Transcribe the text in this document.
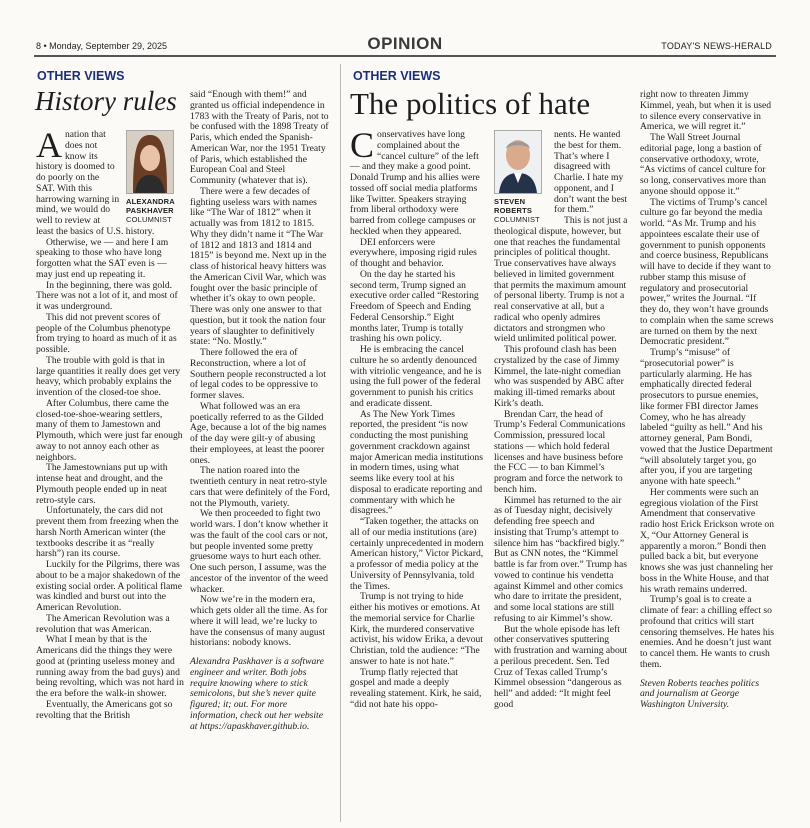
8 • Monday, September 29, 2025	OPINION	TODAY'S NEWS-HERALD
OTHER VIEWS
History rules
ALEXANDRA
PASKHAVER
COLUMNIST

Anation that does not know its history is doomed to do poorly on the SAT. With this harrowing warning in mind, we would do well to review at least the basics of U.S. history.

Otherwise, we — and here I am speaking to those who have long forgotten what the SAT even is — may just end up repeating it.

In the beginning, there was gold. There was not a lot of it, and most of it was underground.

This did not prevent scores of people of the Columbus phenotype from trying to hoard as much of it as possible.

The trouble with gold is that in large quantities it really does get very heavy, which probably explains the invention of the closed-toe shoe.

After Columbus, there came the closed-toe-shoe-wearing settlers, many of them to Jamestown and Plymouth, which were just far enough away to not annoy each other as neighbors.

The Jamestownians put up with intense heat and drought, and the Plymouth people ended up in neat retro-style cars.

Unfortunately, the cars did not prevent them from freezing when the harsh North American winter (the textbooks describe it as “really harsh”) ran its course.

Luckily for the Pilgrims, there was about to be a major shakedown of the existing social order. A political flame was kindled and burst out into the American Revolution.

The American Revolution was a revolution that was American.

What I mean by that is the Americans did the things they were good at (printing useless money and running away from the bad guys) and being revolting, which was not hard in the era before the walk-in shower.

Eventually, the Americans got so revolting that the British

said “Enough with them!” and granted us official independence in 1783 with the Treaty of Paris, not to be confused with the 1898 Treaty of Paris, which ended the Spanish-American War, nor the 1951 Treaty of Paris, which established the European Coal and Steel Community (whatever that is).

There were a few decades of fighting useless wars with names like “The War of 1812” when it actually was from 1812 to 1815. Why they didn’t name it “The War of 1812 and 1813 and 1814 and 1815” is beyond me. Next up in the class of historical heavy hitters was the American Civil War, which was fought over the basic principle of whether it’s okay to own people. There was only one answer to that question, but it took the nation four years of slaughter to definitively state: “No. Mostly.”

There followed the era of Reconstruction, where a lot of Southern people reconstructed a lot of legal codes to be oppressive to former slaves.

What followed was an era poetically referred to as the Gilded Age, because a lot of the big names of the day were gilt-y of abusing their employees, at least the poorer ones.

The nation roared into the twentieth century in neat retro-style cars that were definitely of the Ford, not the Plymouth, variety.

We then proceeded to fight two world wars. I don’t know whether it was the fault of the cool cars or not, but people invented some pretty gruesome ways to hurt each other. One such person, I assume, was the ancestor of the inventor of the weed whacker.

Now we’re in the modern era, which gets older all the time. As for where it will lead, we’re lucky to have the consensus of many august historians: nobody knows.

Alexandra Paskhaver is a software engineer and writer. Both jobs require knowing where to stick semicolons, but she’s never quite figured; it; out. For more information, check out her website at https://apaskhaver.github.io.

OTHER VIEWS
The politics of hate

Conservatives have long complained about the “cancel culture” of the left — and they make a good point. Donald Trump and his allies were tossed off social media platforms like Twitter. Speakers straying from liberal orthodoxy were barred from college campuses or heckled when they appeared.

DEI enforcers were everywhere, imposing rigid rules of thought and behavior.

On the day he started his second term, Trump signed an executive order called “Restoring Freedom of Speech and Ending Federal Censorship.” Eight months later, Trump is totally trashing his own policy.

He is embracing the cancel culture he so ardently denounced with vitriolic vengeance, and he is using the full power of the federal government to punish his critics and eradicate dissent.

As The New York Times reported, the president “is now conducting the most punishing government crackdown against major American media institutions in modern times, using what seems like every tool at his disposal to eradicate reporting and commentary with which he disagrees.”

“Taken together, the attacks on all of our media institutions (are) certainly unprecedented in modern American history,” Victor Pickard, a professor of media policy at the University of Pennsylvania, told the Times.

Trump is not trying to hide either his motives or emotions. At the memorial service for Charlie Kirk, the murdered conservative activist, his widow Erika, a devout Christian, told the audience: “The answer to hate is not hate.”

Trump flatly rejected that gospel and made a deeply revealing statement. Kirk, he said, “did not hate his oppo-

STEVEN
ROBERTS
COLUMNIST

nents. He wanted the best for them. That’s where I disagreed with Charlie. I hate my opponent, and I don’t want the best for them.”

This is not just a theological dispute, however, but one that reaches the fundamental principles of political thought. True conservatives have always believed in limited government that permits the maximum amount of personal liberty. Trump is not a real conservative at all, but a radical who openly admires dictators and strongmen who wield unlimited political power.

This profound clash has been crystalized by the case of Jimmy Kimmel, the late-night comedian who was suspended by ABC after making ill-timed remarks about Kirk’s death.

Brendan Carr, the head of Trump’s Federal Communications Commission, pressured local stations — which hold federal licenses and have business before the FCC — to ban Kimmel’s program and force the network to bench him.

Kimmel has returned to the air as of Tuesday night, decisively defending free speech and insisting that Trump’s attempt to silence him has “backfired bigly.” But as CNN notes, the “Kimmel battle is far from over.” Trump has vowed to continue his vendetta against Kimmel and other comics who dare to irritate the president, and some local stations are still refusing to air Kimmel’s show.

But the whole episode has left other conservatives sputtering with frustration and warning about a perilous precedent. Sen. Ted Cruz of Texas called Trump’s Kimmel obsession “dangerous as hell” and added: “It might feel good

right now to threaten Jimmy Kimmel, yeah, but when it is used to silence every conservative in America, we will regret it.”

The Wall Street Journal editorial page, long a bastion of conservative orthodoxy, wrote, “As victims of cancel culture for so long, conservatives more than anyone should oppose it.”

The victims of Trump’s cancel culture go far beyond the media world. “As Mr. Trump and his appointees escalate their use of government to punish opponents and coerce business, Republicans will have to decide if they want to rubber stamp this misuse of regulatory and prosecutorial power,” writes the Journal. “If they do, they won’t have grounds to complain when the same screws are turned on them by the next Democratic president.”

Trump’s “misuse” of “prosecutorial power” is particularly alarming. He has emphatically directed federal prosecutors to pursue enemies, like former FBI director James Comey, who he has already labeled “guilty as hell.” And his attorney general, Pam Bondi, vowed that the Justice Department “will absolutely target you, go after you, if you are targeting anyone with hate speech.”

Her comments were such an egregious violation of the First Amendment that conservative radio host Erick Erickson wrote on X, “Our Attorney General is apparently a moron.” Bondi then pulled back a bit, but everyone knows she was just channeling her boss in the White House, and that his wrath remains underred.

Trump’s goal is to create a climate of fear: a chilling effect so profound that critics will start censoring themselves. He hates his enemies. And he doesn’t just want to cancel them. He wants to crush them.

Steven Roberts teaches politics and journalism at George Washington University.
